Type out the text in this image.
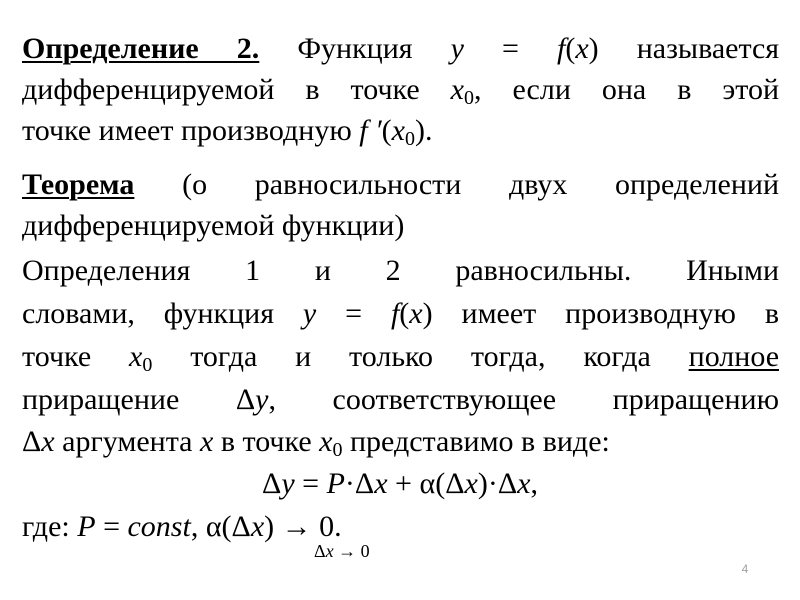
Определение 2. Функция y = f(x) называется
дифференцируемой в точке $x_0$, если она в этой
точке имеет производную f $'(x_0)$.
Теорема (о равносильности двух определений
дифференцируемой функции)
Определения 1 и 2 равносильны. Иными
словами, функция y = f(x) имеет производную в
точке $x_0$ тогда и только тогда, когда полное
приращение Δy, соответствующее приращению
Δx аргумента x в точке $x_0$ представимо в виде:
Δy = P·Δx + α(Δx)·Δx,
где: P = const, α(Δx) → 0.
Δx → 0
4
